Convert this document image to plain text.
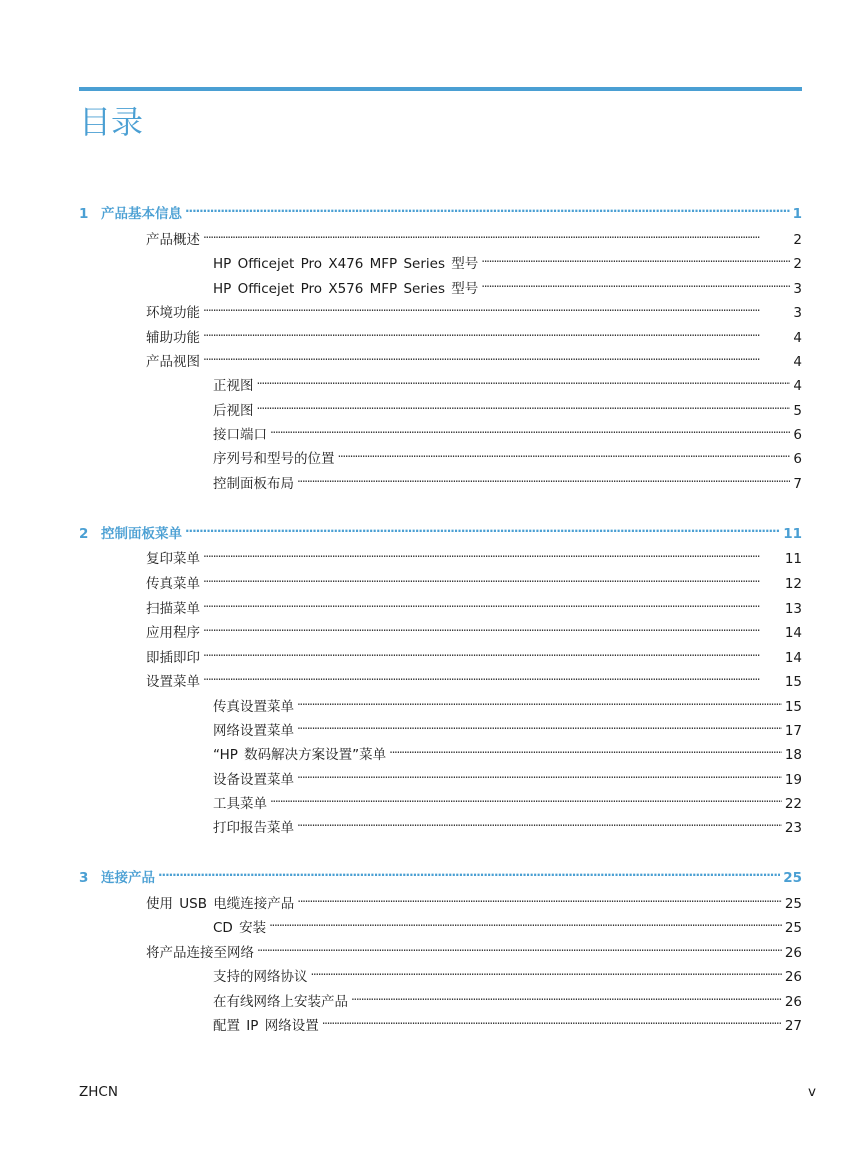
目录
1 产品基本信息 . . .	1
产品概述 . . .	2
HP Officejet Pro X476 MFP Series 型号 . . .	2
HP Officejet Pro X576 MFP Series 型号 . . .	3
环境功能 . . .	3
辅助功能 . . .	4
产品视图 . . .	4
正视图 . . .	4
后视图 . . .	5
接口端口 . . .	6
序列号和型号的位置 . . .	6
控制面板布局 . . .	7
2 控制面板菜单 . . .	11
复印菜单 . . .	11
传真菜单 . . .	12
扫描菜单 . . .	13
应用程序 . . .	14
即插即印 . . .	14
设置菜单 . . .	15
传真设置菜单 . . .	15
网络设置菜单 . . .	17
“HP 数码解决方案设置”菜单 . . .	18
设备设置菜单 . . .	19
工具菜单 . . .	22
打印报告菜单 . . .	23
3 连接产品 . . .	25
使用 USB 电缆连接产品 . . .	25
CD 安装 . . .	25
将产品连接至网络 . . .	26
支持的网络协议 . . .	26
在有线网络上安装产品 . . .	26
配置 IP 网络设置 . . .	27
ZHCN	v
